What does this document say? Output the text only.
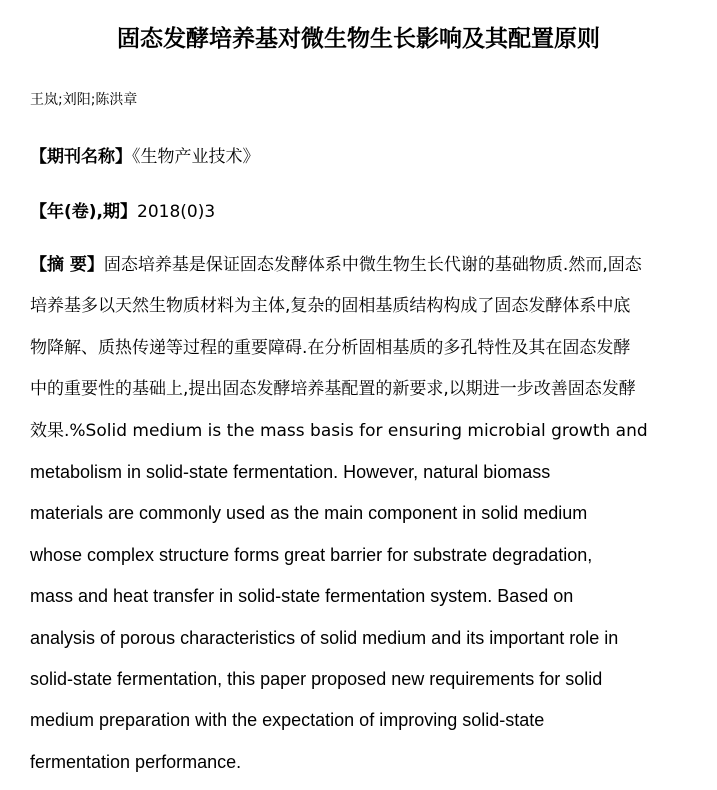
固态发酵培养基对微生物生长影响及其配置原则
王岚;刘阳;陈洪章
【期刊名称】《生物产业技术》
【年(卷),期】2018(0)3
【摘 要】固态培养基是保证固态发酵体系中微生物生长代谢的基础物质.然而,固态
培养基多以天然生物质材料为主体,复杂的固相基质结构构成了固态发酵体系中底
物降解、质热传递等过程的重要障碍.在分析固相基质的多孔特性及其在固态发酵
中的重要性的基础上,提出固态发酵培养基配置的新要求,以期进一步改善固态发酵
效果.%Solid medium is the mass basis for ensuring microbial growth and
metabolism in solid-state fermentation. However, natural biomass
materials are commonly used as the main component in solid medium
whose complex structure forms great barrier for substrate degradation,
mass and heat transfer in solid-state fermentation system. Based on
analysis of porous characteristics of solid medium and its important role in
solid-state fermentation, this paper proposed new requirements for solid
medium preparation with the expectation of improving solid-state
fermentation performance.
